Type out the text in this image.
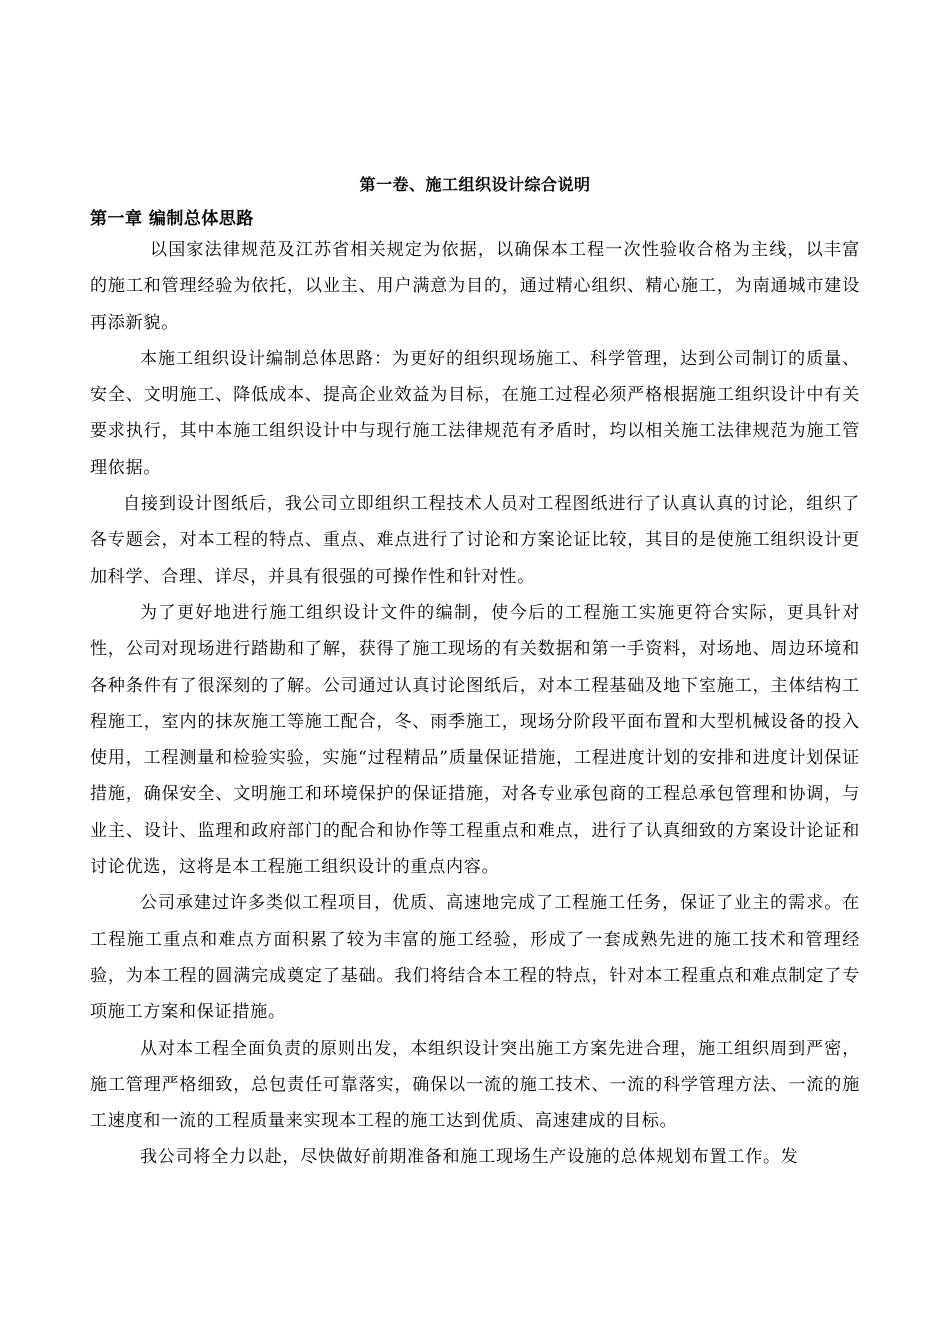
第一卷、施工组织设计综合说明
第一章 编制总体思路

以国家法律规范及江苏省相关规定为依据，以确保本工程一次性验收合格为主线，以丰富的施工和管理经验为依托，以业主、用户满意为目的，通过精心组织、精心施工，为南通城市建设再添新貌。

本施工组织设计编制总体思路：为更好的组织现场施工、科学管理，达到公司制订的质量、安全、文明施工、降低成本、提高企业效益为目标，在施工过程必须严格根据施工组织设计中有关要求执行，其中本施工组织设计中与现行施工法律规范有矛盾时，均以相关施工法律规范为施工管理依据。

自接到设计图纸后，我公司立即组织工程技术人员对工程图纸进行了认真认真的讨论，组织了各专题会，对本工程的特点、重点、难点进行了讨论和方案论证比较，其目的是使施工组织设计更加科学、合理、详尽，并具有很强的可操作性和针对性。

为了更好地进行施工组织设计文件的编制，使今后的工程施工实施更符合实际，更具针对性，公司对现场进行踏勘和了解，获得了施工现场的有关数据和第一手资料，对场地、周边环境和各种条件有了很深刻的了解。公司通过认真讨论图纸后，对本工程基础及地下室施工，主体结构工程施工，室内的抹灰施工等施工配合，冬、雨季施工，现场分阶段平面布置和大型机械设备的投入使用，工程测量和检验实验，实施“过程精品”质量保证措施，工程进度计划的安排和进度计划保证措施，确保安全、文明施工和环境保护的保证措施，对各专业承包商的工程总承包管理和协调，与业主、设计、监理和政府部门的配合和协作等工程重点和难点，进行了认真细致的方案设计论证和讨论优选，这将是本工程施工组织设计的重点内容。

公司承建过许多类似工程项目，优质、高速地完成了工程施工任务，保证了业主的需求。在工程施工重点和难点方面积累了较为丰富的施工经验，形成了一套成熟先进的施工技术和管理经验，为本工程的圆满完成奠定了基础。我们将结合本工程的特点，针对本工程重点和难点制定了专项施工方案和保证措施。

从对本工程全面负责的原则出发，本组织设计突出施工方案先进合理，施工组织周到严密，施工管理严格细致，总包责任可靠落实，确保以一流的施工技术、一流的科学管理方法、一流的施工速度和一流的工程质量来实现本工程的施工达到优质、高速建成的目标。

我公司将全力以赴，尽快做好前期准备和施工现场生产设施的总体规划布置工作。发
